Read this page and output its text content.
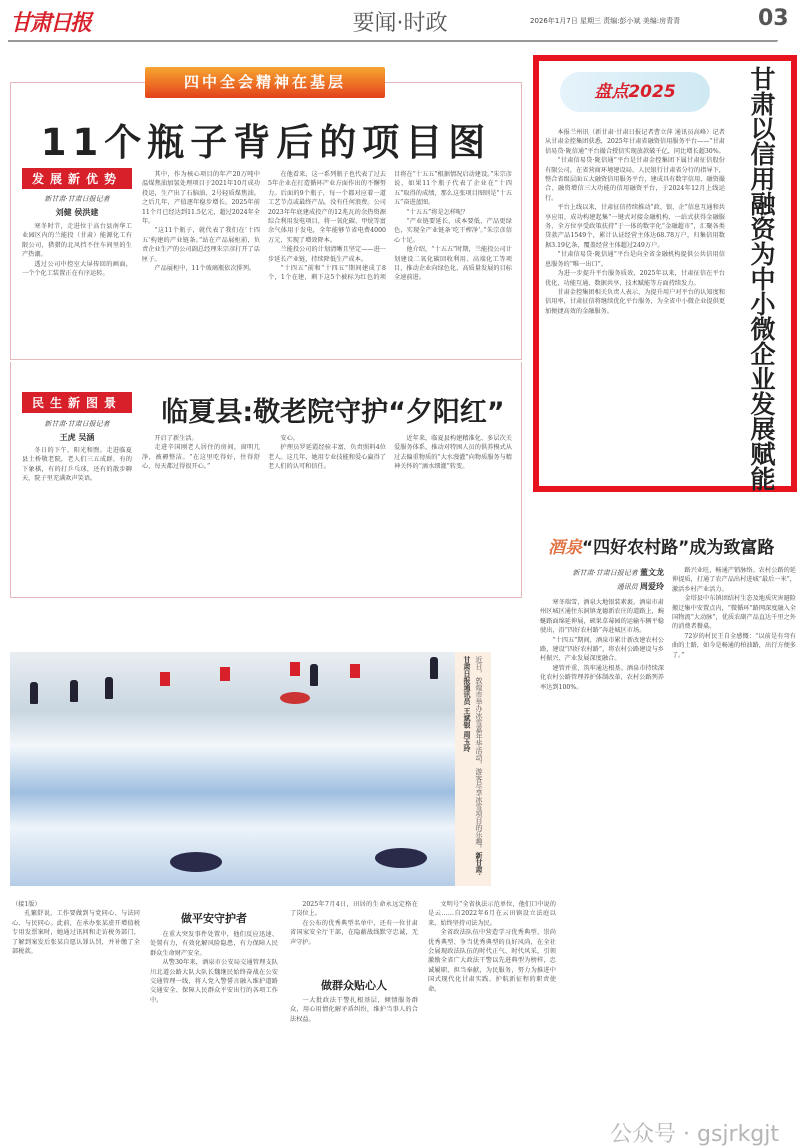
甘肃日报	要闻·时政	2026年1月7日 星期三 责编:彭小斌 美编:房青青	03
四中全会精神在基层
11个瓶子背后的项目图
发展新优势
新甘肃·甘肃日报记者
刘健 侯洪建

寒冬时节，走进位于高台县南华工业园区内的兰能投（甘肃）能源化工有限公司，猎猎的北风挡不住车间里的生产热潮。

透过公司中控室大屏传回的画面，一个个化工装置正在有序运转。

其中，作为核心项目的年产20万吨中温煤焦油加氢处理项目于2021年10月成功投运，生产出了石脑油、2号轻质煤焦油。之后几年，产值逐年稳步增长。2025年前11个月已经达到11.5亿元，超过2024年全年。

“这11个瓶子，就代表了我们在‘十四五’构建的产业链条。”站在产品展柜前，负责企业生产的公司副总经理朱宗彦打开了话匣子。

产品展柜中，11个玻璃瓶依次排列。

在他看来，这一系列瓶子也代表了过去5年企业在打造循环产业方面作出的不懈努力。后面的9个瓶子，每一个都对应着一道工艺节点或最终产品，没有任何浪费。公司2023年年底建成投产的12兆瓦的余热资源综合利用发电项目，将一氧化碳、甲烷等富余气体用于发电，全年能够节省电费4000万元，实现了增效降本。

兰能投公司的计划清晰且坚定——进一步延长产业链，持续降低生产成本。

“十四五”前和“十四五”期间建成了8个，1个在建，剩下这5个被标为红色的项目将在“十五五”根据情况启动建设。”朱宗彦说，如果11个瓶子代表了企业在“十四五”取得的成绩，那么这张项目图则是“十五五”奋进蓝图。

“十五五”将是怎样呢？

“产业链要延长，成本要低，产品更绿色，实现全产业链条‘吃干榨净’。”朱宗彦信心十足。

他介绍，“十五五”时期，兰能投公司计划建设二氧化碳回收利用、高端化工等项目，推动企业向绿色化、高质量发展的目标全速前进。

民生新图景	临夏县:敬老院守护“夕阳红”
新甘肃·甘肃日报记者
王虎 吴涵

冬日的下午，阳光和煦。走进临夏县土桥敬老院，老人们三五成群，有的下象棋，有的打乒乓球，还有的散步聊天，院子里充满欢声笑语。

开启了新生活。

走进辛国刚老人居住的房间，窗明几净，被褥整洁。“在这里吃得好，住得舒心，每天都过得很开心。”

安心。

护理员罗延霞经验丰富，负责照料4位老人。这几年，她用专业技能和爱心赢得了老人们的认可和信任。

近年来，临夏县构建精准化、多层次关爱服务体系，推动对特困人员的供养模式从过去偏重物质的“大水漫灌”向物质服务与精神关怀的“滴水细灌”转变。

近日，敦煌市举办冰雪嘉年华活动，游客尽享冰雪项目的乐趣。新甘肃·甘肃日报通讯员 王斌银 周玉玲
盘点2025	甘肃以信用融资为中小微企业发展赋能

本报兰州讯（新甘肃·甘肃日报记者曹立萍 通讯员高峰）记者从甘肃金控集团获悉，2025年甘肃省融资信用服务平台——“甘肃信易贷·陇信通”平台撮合授信实现放款破千亿，同比增长超30%。

“甘肃信易贷·陇信通”平台是甘肃金控集团下属甘肃征信股份有限公司，在省营商环境建设局、人民银行甘肃省分行的指导下，整合省级层面五大融资信用服务平台，建成具有数字信用、融资撮合、融资增信三大功能的信用融资平台，于2024年12月上线运行。

平台上线以来，甘肃征信持续推动“政、银、企”信息互通和共享应用，成功构建起集“一键式对接金融机构、一站式获得金融服务、全方位享受政策扶持”于一体的数字化“金融超市”，汇聚各类贷款产品1549个，累计认证经营主体达68.78万户，归集信用数据3.19亿条，覆盖经营主体超过249万户。

“甘肃信易贷·陇信通”平台是向全省金融机构提供公共信用信息服务的“唯一出口”。

为进一步提升平台服务质效，2025年以来，甘肃征信在平台优化、功能互通、数据共享、技术赋能等方面持续发力。

甘肃金控集团相关负责人表示，为提升用户对平台的认知度和信用率，甘肃征信将继续优化平台服务，为全省中小微企业提供更加便捷高效的金融服务。

酒泉“四好农村路”成为致富路
新甘肃·甘肃日报记者 董文龙
通讯员 周爱玲

寒冬瑞雪，酒泉大地银装素裹。酒泉市肃州区城区通往东洞镇龙德新农庄的道路上，蜿蜒路面绵延伸展，硕果草莓园的运输车辆平稳驶出，沿“四好农村路”奔赴城区市场。

“十四五”期间，酒泉市累计新改建农村公路，建设“四好农村路”，将农村公路建设与乡村振兴、产业发展深度融合。

建管并重，筑牢通达根基。酒泉市持续深化农村公路管理养护体制改革，农村公路列养率达到100%。

路兴业旺，畅通产销脉络。农村公路的延伸提质，打通了农产品出村进城“最后一米”，激活乡村产业活力。

金塔县中东镇团结村生态及地质灾害避险搬迁集中安置点内，“微循环”路网深度融入全国物流“大动脉”，优质农副产品直达千里之外的消费者餐桌。

72岁的村民王自全感慨：“以前是有弯有曲的土路，如今是畅通的柏油路，出行方便多了。”

（接1版）

孔繁舒说，工作要做到与党同心、与法同心、与民同心。此前，在承办张某虚开增值税专用发票案时，她通过讯问和走访税务部门，了解到案发后张某自愿认罪认罚，并补缴了全部税款。

做平安守护者

在重大突发事件处置中，他们反应迅速、处置有力，有效化解风险隐患，有力保障人民群众生命财产安全。

从警30年来，酒泉市公安局交通管理支队川北道公路大队大队长魏继民始终奋战在公安交通管理一线，将人党入警誓言融入维护道路交通安全、保障人民群众平安出行的各项工作中。

2025年7月4日，田居的生命永远定格在了岗位上。

在公布的优秀典型名单中，还有一位甘肃省国家安全厅干部，在隐蔽战线默守忠诚，无声守护。

做群众贴心人

一大批政法干警扎根基层，倾情服务群众，用心用情化解矛盾纠纷，维护当事人的合法权益。

文明号”全省执法示范单位，他们口中说的是云……自2022年6月在云田镇设立法庭以来，始终坚持司法为民。

全省政法队伍中营造学习优秀典型、崇尚优秀典型、争当优秀典型的良好风尚，在全社会展现政法队伍的时代正气、时代风采，引领激励全省广大政法干警以先进典型为榜样，忠诚履职、担当奉献，为民服务，努力为推进中国式现代化甘肃实践、护航新征程的职责使命。

公众号 · gsjrkgjt
